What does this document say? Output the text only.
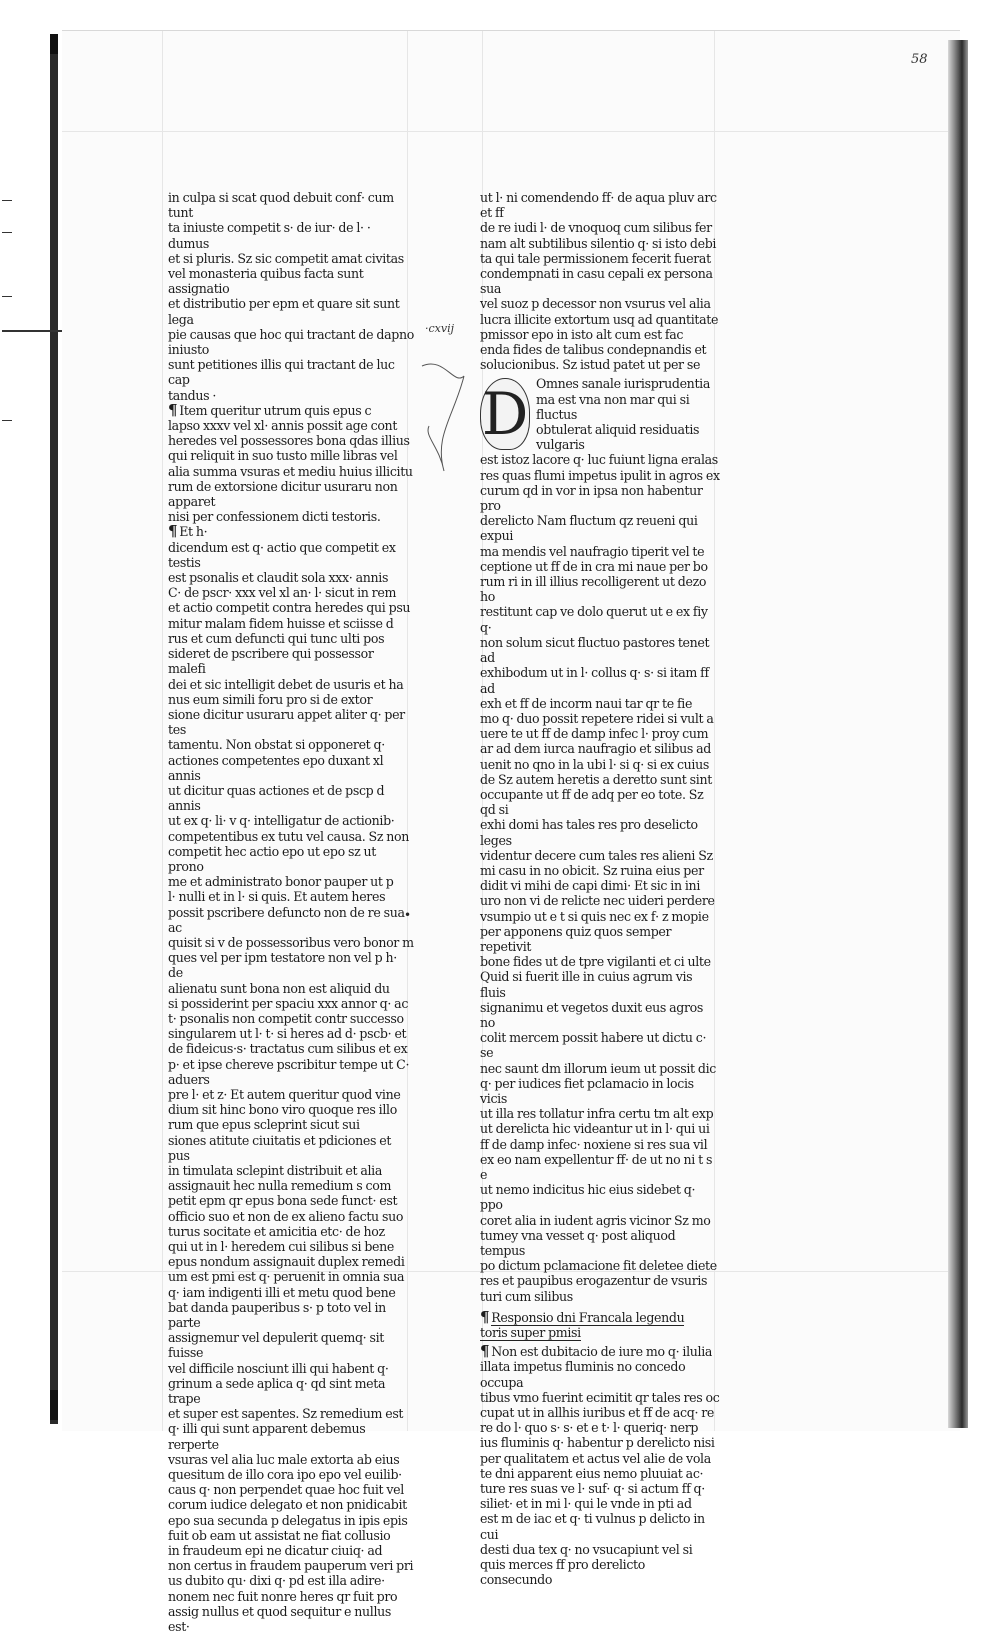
58

in culpa si scat quod debuit conf· cum tunt
ta iniuste competit s· de iur· de l· · dumus
et si pluris. Sz sic competit amat civitas
vel monasteria quibus facta sunt assignatio
et distributio per epm et quare sit sunt lega
pie causas que hoc qui tractant de dapno iniusto
sunt petitiones illis qui tractant de luc cap
tandus ·

¶ Item queritur utrum quis epus c
lapso xxxv vel xl· annis possit age cont
heredes vel possessores bona qdas illius
qui reliquit in suo tusto mille libras vel
alia summa vsuras et mediu huius illicitu
rum de extorsione dicitur usuraru non apparet
nisi per confessionem dicti testoris.

¶ Et h·
dicendum est q· actio que competit ex testis
est psonalis et claudit sola xxx· annis
C· de pscr· xxx vel xl an· l· sicut in rem
et actio competit contra heredes qui psu
mitur malam fidem huisse et sciisse d
rus et cum defuncti qui tunc ulti pos
sideret de pscribere qui possessor malefi
dei et sic intelligit debet de usuris et ha
nus eum simili foru pro si de extor
sione dicitur usuraru appet aliter q· per tes
tamentu. Non obstat si opponeret q·
actiones competentes epo duxant xl annis
ut dicitur quas actiones et de pscp d annis
ut ex q· li· v q· intelligatur de actionib·
competentibus ex tutu vel causa. Sz non
competit hec actio epo ut epo sz ut prono
me et administrato bonor pauper ut p
l· nulli et in l· si quis. Et autem heres
possit pscribere defuncto non de re sua ac
quisit si v de possessoribus vero bonor m
ques vel per ipm testatore non vel p h· de
alienatu sunt bona non est aliquid du
si possiderint per spaciu xxx annor q· ac
t· psonalis non competit contr successo
singularem ut l· t· si heres ad d· pscb· et
de fideicus·s· tractatus cum silibus et ex
p· et ipse chereve pscribitur tempe ut C· aduers
pre l· et z· Et autem queritur quod vine
dium sit hinc bono viro quoque res illo
rum que epus scleprint sicut sui
siones atitute ciuitatis et pdiciones et pus
in timulata sclepint distribuit et alia
assignauit hec nulla remedium s com
petit epm qr epus bona sede funct· est
officio suo et non de ex alieno factu suo
turus socitate et amicitia etc· de hoz
qui ut in l· heredem cui silibus si bene
epus nondum assignauit duplex remedi
um est pmi est q· peruenit in omnia sua
q· iam indigenti illi et metu quod bene
bat danda pauperibus s· p toto vel in parte
assignemur vel depulerit quemq· sit fuisse
vel difficile nosciunt illi qui habent q·
grinum a sede aplica q· qd sint meta trape
et super est sapentes. Sz remedium est
q· illi qui sunt apparent debemus rerperte
vsuras vel alia luc male extorta ab eius
quesitum de illo cora ipo epo vel euilib·
caus q· non perpendet quae hoc fuit vel
corum iudice delegato et non pnidicabit
epo sua secunda p delegatus in ipis epis
fuit ob eam ut assistat ne fiat collusio
in fraudeum epi ne dicatur ciuiq· ad
non certus in fraudem pauperum veri pri
us dubito qu· dixi q· pd est illa adire·
nonem nec fuit nonre heres qr fuit pro
assig nullus et quod sequitur e nullus est·

·cxvij

ut l· ni comendendo ff· de aqua pluv arc et ff
de re iudi l· de vnoquoq cum silibus fer
nam alt subtilibus silentio q· si isto debi
ta qui tale permissionem fecerit fuerat
condempnati in casu cepali ex persona sua
vel suoz p decessor non vsurus vel alia
lucra illicite extortum usq ad quantitate
pmissor epo in isto alt cum est fac
enda fides de talibus condepnandis et
solucionibus. Sz istud patet ut per se

D Omnes sanale iurisprudentia
ma est vna non mar qui si fluctus
obtulerat aliquid residuatis vulgaris
est istoz lacore q· luc fuiunt ligna eralas
res quas flumi impetus ipulit in agros ex
curum qd in vor in ipsa non habentur pro
derelicto Nam fluctum qz reueni qui expui
ma mendis vel naufragio tiperit vel te
ceptione ut ff de in cra mi naue per bo
rum ri in ill illius recolligerent ut dezo ho
restitunt cap ve dolo querut ut e ex fiy q·
non solum sicut fluctuo pastores tenet ad
exhibodum ut in l· collus q· s· si itam ff ad
exh et ff de incorm naui tar qr te fie
mo q· duo possit repetere ridei si vult a
uere te ut ff de damp infec l· proy cum
ar ad dem iurca naufragio et silibus ad
uenit no qno in la ubi l· si q· si ex cuius
de Sz autem heretis a deretto sunt sint
occupante ut ff de adq per eo tote. Sz qd si
exhi domi has tales res pro deselicto leges
videntur decere cum tales res alieni Sz
mi casu in no obicit. Sz ruina eius per
didit vi mihi de capi dimi· Et sic in ini
uro non vi de relicte nec uideri perdere
vsumpio ut e t si quis nec ex f· z mopie
per apponens quiz quos semper repetivit
bone fides ut de tpre vigilanti et ci ulte
Quid si fuerit ille in cuius agrum vis fluis
signanimu et vegetos duxit eus agros no
colit mercem possit habere ut dictu c· se
nec saunt dm illorum ieum ut possit dic
q· per iudices fiet pclamacio in locis vicis
ut illa res tollatur infra certu tm alt exp
ut derelicta hic videantur ut in l· qui ui
ff de damp infec· noxiene si res sua vil
ex eo nam expellentur ff· de ut no ni t s e
ut nemo indicitus hic eius sidebet q· ppo
coret alia in iudent agris vicinor Sz mo
tumey vna vesset q· post aliquod tempus
po dictum pclamacione fit deletee diete
res et paupibus erogazentur de vsuris
turi cum silibus

¶ Responsio dni Francala legendu
toris super pmisi

¶ Non est dubitacio de iure mo q· ilulia
illata impetus fluminis no concedo occupa
tibus vmo fuerint ecimitit qr tales res oc
cupat ut in allhis iuribus et ff de acq· re
re do l· quo s· s· et e t· l· queriq· nerp
ius fluminis q· habentur p derelicto nisi
per qualitatem et actus vel alie de vola
te dni apparent eius nemo pluuiat ac·
ture res suas ve l· suf· q· si actum ff q·
siliet· et in mi l· qui le vnde in pti ad
est m de iac et q· ti vulnus p delicto in cui
desti dua tex q· no vsucapiunt vel si
quis merces ff pro derelicto consecundo

•
